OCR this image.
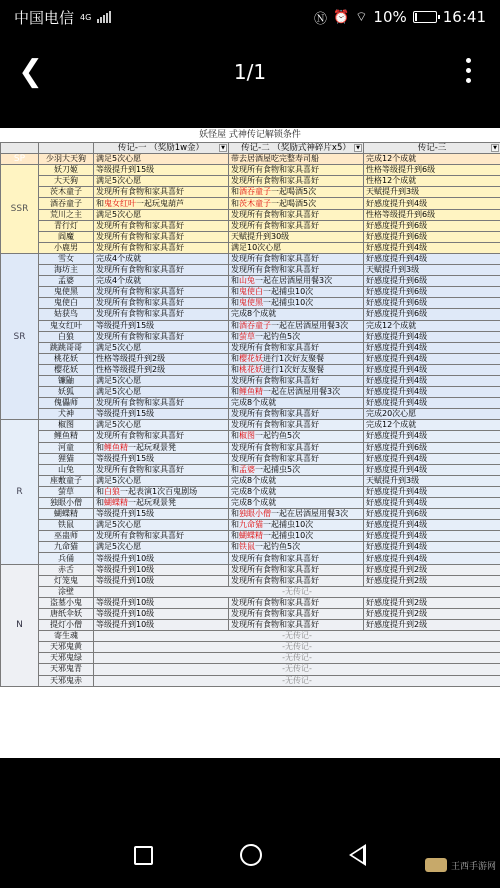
中国电信 4G	Ⓝ ⏰ ⌔ 10% 16:41
❮	1/1
妖怪屋 式神传记解锁条件
		传记-一 （奖励1w金） ▼	传记-二 （奖励式神碎片x5） ▼	传记-三 ▼

SP	少羽大天狗	满足5次心愿	带去居酒屋吃完整寿司船	完成12个成就
SSR	妖刀姬	等级提升到15级	发现所有食物和家具喜好	性格等级提升到6级
	大天狗	满足5次心愿	发现所有食物和家具喜好	性格12个成就
	茨木童子	发现所有食物和家具喜好	和酒吞童子一起喝酒5次	天赋提升到3级
	酒吞童子	和鬼女红叶一起玩鬼葫芦	和茨木童子一起喝酒5次	好感度提升到4级
	荒川之主	满足5次心愿	发现所有食物和家具喜好	性格等级提升到6级
	青行灯	发现所有食物和家具喜好	发现所有食物和家具喜好	好感度提升到6级
	阎魔	发现所有食物和家具喜好	天赋提升到30级	好感度提升到6级
	小鹿男	发现所有食物和家具喜好	满足10次心愿	好感度提升到4级
SR	雪女	完成4个成就	发现所有食物和家具喜好	好感度提升到4级
	海坊主	发现所有食物和家具喜好	发现所有食物和家具喜好	天赋提升到3级
	孟婆	完成4个成就	和山兔一起在居酒屋用餐3次	好感度提升到6级
	鬼使黑	发现所有食物和家具喜好	和鬼使白一起捕虫10次	好感度提升到6级
	鬼使白	发现所有食物和家具喜好	和鬼使黑一起捕虫10次	好感度提升到6级
	姑获鸟	发现所有食物和家具喜好	完成8个成就	好感度提升到6级
	鬼女红叶	等级提升到15级	和酒吞童子一起在居酒屋用餐3次	完成12个成就
	白狼	发现所有食物和家具喜好	和萤草一起钓鱼5次	好感度提升到4级
	跳跳哥哥	满足5次心愿	发现所有食物和家具喜好	好感度提升到4级
	桃花妖	性格等级提升到2级	和樱花妖进行1次好友聚餐	好感度提升到4级
	樱花妖	性格等级提升到2级	和桃花妖进行1次好友聚餐	好感度提升到4级
	镰鼬	满足5次心愿	发现所有食物和家具喜好	好感度提升到4级
	妖狐	满足5次心愿	和鲤鱼精一起在居酒屋用餐3次	好感度提升到4级
	傀儡师	发现所有食物和家具喜好	完成8个成就	好感度提升到4级
	犬神	等级提升到15级	发现所有食物和家具喜好	完成20次心愿
R	椒图	满足5次心愿	发现所有食物和家具喜好	完成12个成就
	鲤鱼精	发现所有食物和家具喜好	和椒图一起钓鱼5次	好感度提升到4级
	河童	和鲤鱼精一起玩观景凳	发现所有食物和家具喜好	好感度提升到6级
	狸猫	等级提升到15级	发现所有食物和家具喜好	好感度提升到4级
	山兔	发现所有食物和家具喜好	和孟婆一起捕虫5次	好感度提升到4级
	座敷童子	满足5次心愿	完成8个成就	天赋提升到3级
	萤草	和白狼一起表演1次百鬼剧场	完成8个成就	好感度提升到4级
	独眼小僧	和蝴蝶精一起玩观景凳	完成8个成就	好感度提升到4级
	蝴蝶精	等级提升到15级	和独眼小僧一起在居酒屋用餐3次	好感度提升到6级
	铁鼠	满足5次心愿	和九命猫一起捕虫10次	好感度提升到4级
	巫蛊师	发现所有食物和家具喜好	和蝴蝶精一起捕虫10次	好感度提升到4级
	九命猫	满足5次心愿	和铁鼠一起钓鱼5次	好感度提升到4级
	兵俑	等级提升到10级	发现所有食物和家具喜好	好感度提升到4级
N	赤舌	等级提升到10级	发现所有食物和家具喜好	好感度提升到2级
	灯笼鬼	等级提升到10级	发现所有食物和家具喜好	好感度提升到2级
	涂壁	-无传记-		
	盗墓小鬼	等级提升到10级	发现所有食物和家具喜好	好感度提升到2级
	唐纸伞妖	等级提升到10级	发现所有食物和家具喜好	好感度提升到2级
	提灯小僧	等级提升到10级	发现所有食物和家具喜好	好感度提升到2级
	寄生魂	-无传记-		
	天邪鬼黄	-无传记-		
	天邪鬼绿	-无传记-		
	天邪鬼青	-无传记-		
	天邪鬼赤	-无传记-		
王西手游网
